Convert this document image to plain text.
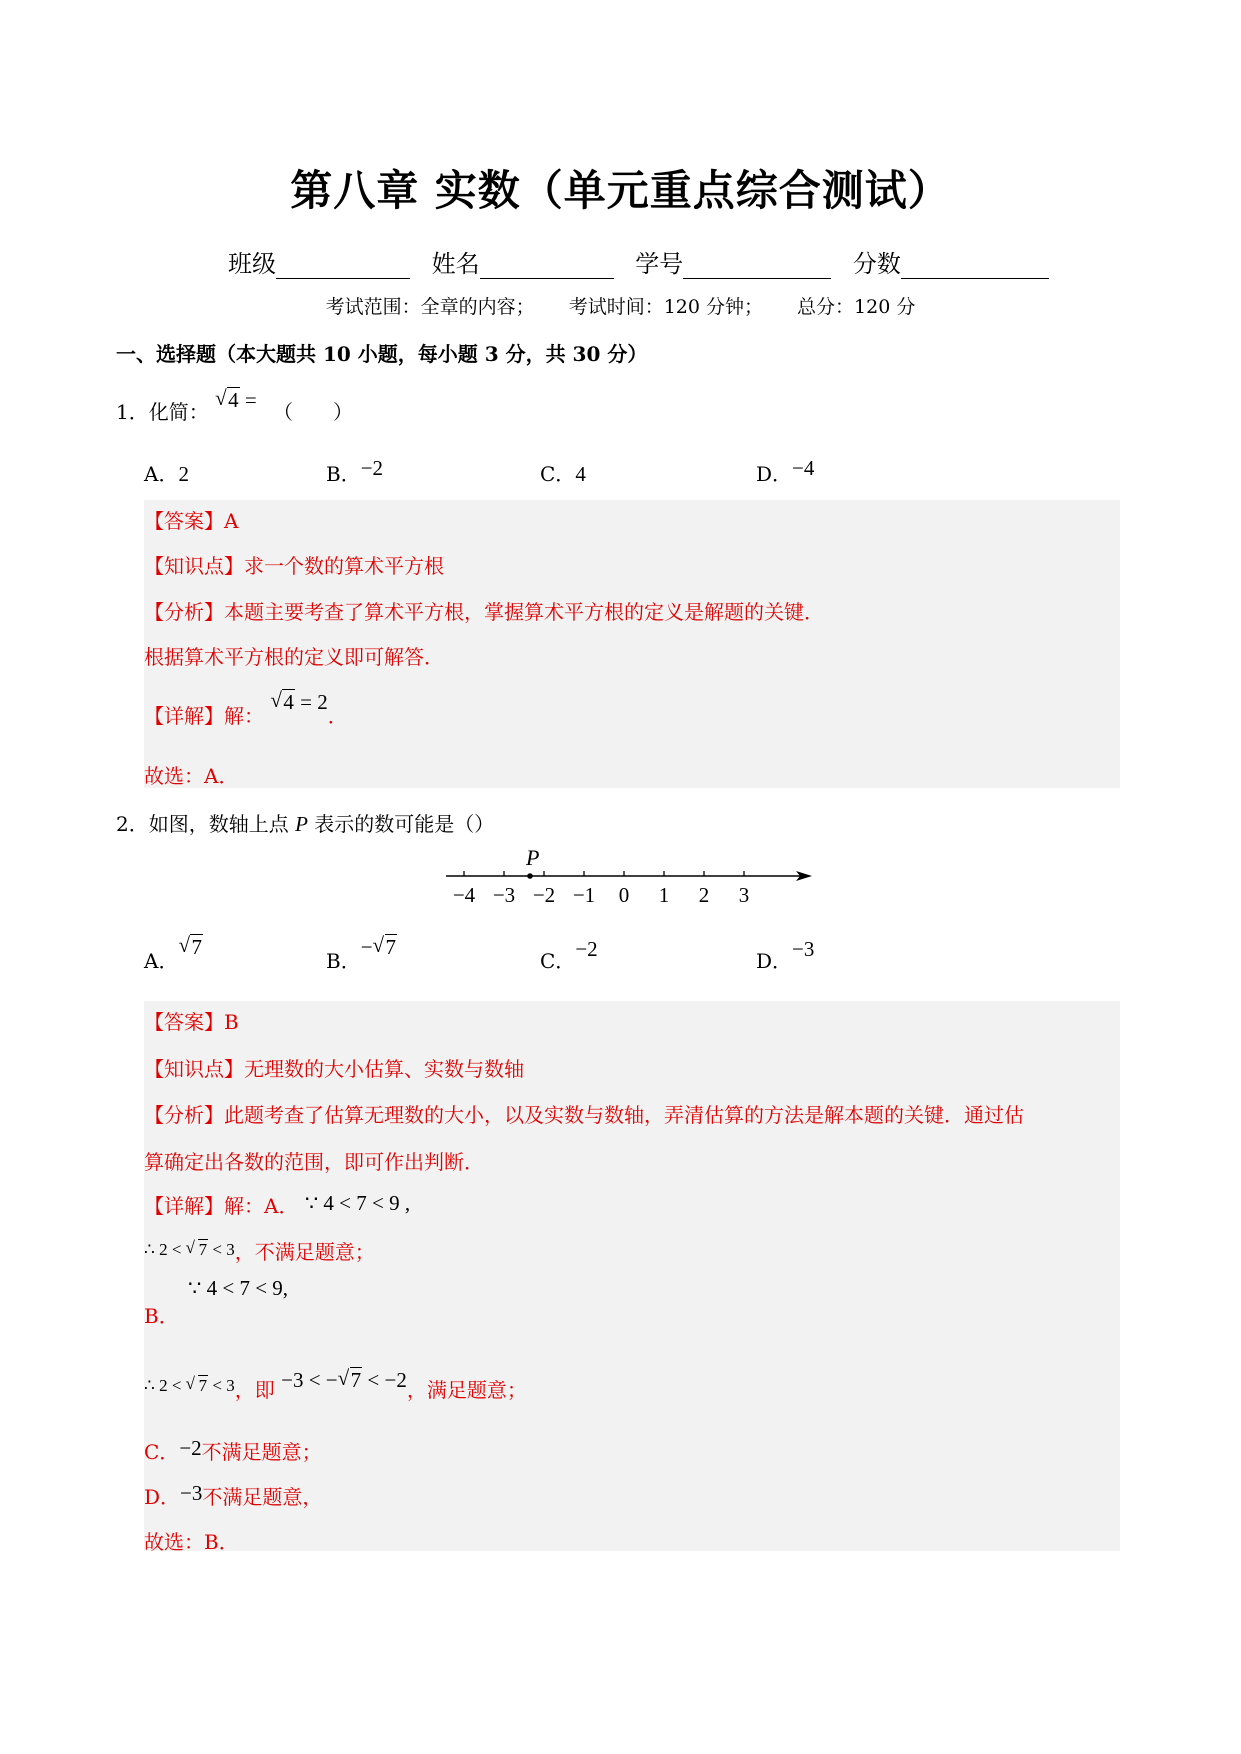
第八章 实数（单元重点综合测试）
班级	姓名	学号	分数
考试范围：全章的内容； 考试时间：120 分钟； 总分：120 分
一、选择题（本大题共 10 小题，每小题 3 分，共 30 分）
1．化简： √ 4 = （　　）
A．2	B．−2	C．4	D．−4
【答案】A
【知识点】求一个数的算术平方根
【分析】本题主要考查了算术平方根，掌握算术平方根的定义是解题的关键．
根据算术平方根的定义即可解答．
【详解】解： √ 4 = 2．
故选：A．
2．如图，数轴上点 P 表示的数可能是（）
−4 −3 −2 −1 0 1 2 3
P
A．√ 7
B．− √ 7
C．−2	D．−3
【答案】B
【知识点】无理数的大小估算、实数与数轴
【分析】此题考查了估算无理数的大小，以及实数与数轴，弄清估算的方法是解本题的关键．通过估
算确定出各数的范围，即可作出判断．
【详解】解：A． ∵ 4 < 7 < 9 ,
$^{\therefore 2 < √ 7 < 3}$，不满足题意；
B．
∵ 4 < 7 < 9,
$^{\therefore 2 < √ 7 < 3}$，即 −3 < − √ 7 < −2，满足题意；
C．−2不满足题意；
D．−3不满足题意，
故选：B．
